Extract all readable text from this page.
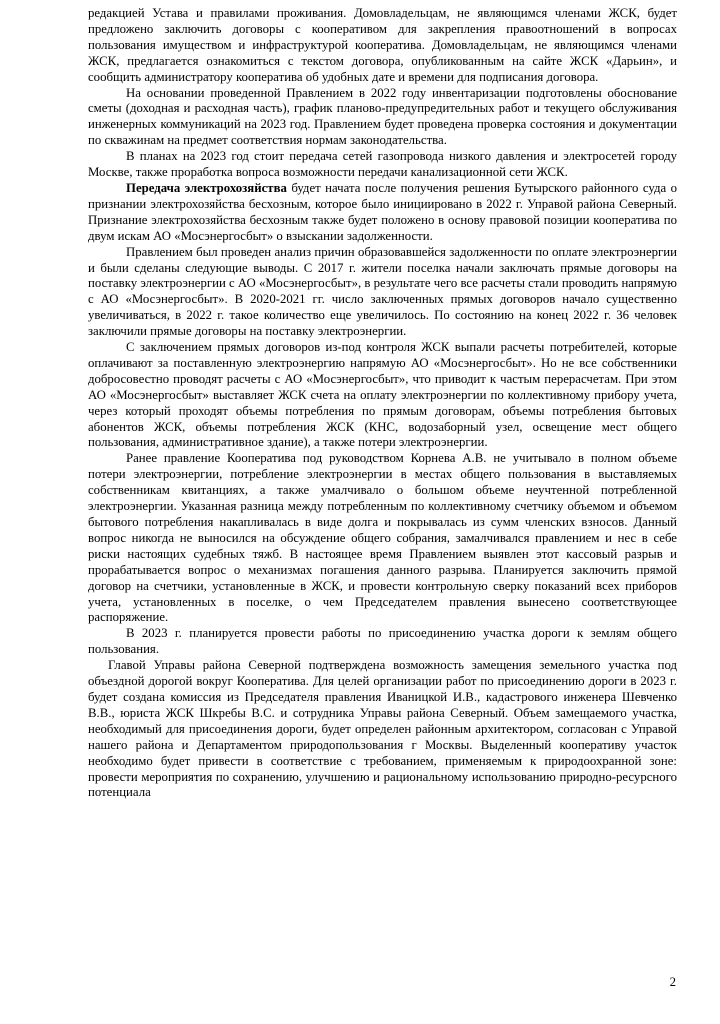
редакцией Устава и правилами проживания. Домовладельцам, не являющимся членами ЖСК, будет предложено заключить договоры с кооперативом для закрепления правоотношений в вопросах пользования имуществом и инфраструктурой кооператива. Домовладельцам, не являющимся членами ЖСК, предлагается ознакомиться с текстом договора, опубликованным на сайте ЖСК «Дарьин», и сообщить администратору кооператива об удобных дате и времени для подписания договора.

На основании проведенной Правлением в 2022 году инвентаризации подготовлены обоснование сметы (доходная и расходная часть), график планово-предупредительных работ и текущего обслуживания инженерных коммуникаций на 2023 год. Правлением будет проведена проверка состояния и документации по скважинам на предмет соответствия нормам законодательства.

В планах на 2023 год стоит передача сетей газопровода низкого давления и электросетей городу Москве, также проработка вопроса возможности передачи канализационной сети ЖСК.

Передача электрохозяйства будет начата после получения решения Бутырского районного суда о признании электрохозяйства бесхозным, которое было инициировано в 2022 г. Управой района Северный. Признание электрохозяйства бесхозным также будет положено в основу правовой позиции кооператива по двум искам АО «Мосэнергосбыт» о взыскании задолженности.

Правлением был проведен анализ причин образовавшейся задолженности по оплате электроэнергии и были сделаны следующие выводы. С 2017 г. жители поселка начали заключать прямые договоры на поставку электроэнергии с АО «Мосэнергосбыт», в результате чего все расчеты стали проводить напрямую с АО «Мосэнергосбыт». В 2020-2021 гг. число заключенных прямых договоров начало существенно увеличиваться, в 2022 г. такое количество еще увеличилось. По состоянию на конец 2022 г. 36 человек заключили прямые договоры на поставку электроэнергии.

С заключением прямых договоров из-под контроля ЖСК выпали расчеты потребителей, которые оплачивают за поставленную электроэнергию напрямую АО «Мосэнергосбыт». Но не все собственники добросовестно проводят расчеты с АО «Мосэнергосбыт», что приводит к частым перерасчетам. При этом АО «Мосэнергосбыт» выставляет ЖСК счета на оплату электроэнергии по коллективному прибору учета, через который проходят объемы потребления по прямым договорам, объемы потребления бытовых абонентов ЖСК, объемы потребления ЖСК (КНС, водозаборный узел, освещение мест общего пользования, административное здание), а также потери электроэнергии.

Ранее правление Кооператива под руководством Корнева А.В. не учитывало в полном объеме потери электроэнергии, потребление электроэнергии в местах общего пользования в выставляемых собственникам квитанциях, а также умалчивало о большом объеме неучтенной потребленной электроэнергии. Указанная разница между потребленным по коллективному счетчику объемом и объемом бытового потребления накапливалась в виде долга и покрывалась из сумм членских взносов. Данный вопрос никогда не выносился на обсуждение общего собрания, замалчивался правлением и нес в себе риски настоящих судебных тяжб. В настоящее время Правлением выявлен этот кассовый разрыв и прорабатывается вопрос о механизмах погашения данного разрыва. Планируется заключить прямой договор на счетчики, установленные в ЖСК, и провести контрольную сверку показаний всех приборов учета, установленных в поселке, о чем Председателем правления вынесено соответствующее распоряжение.

В 2023 г. планируется провести работы по присоединению участка дороги к землям общего пользования.

Главой Управы района Северной подтверждена возможность замещения земельного участка под объездной дорогой вокруг Кооператива. Для целей организации работ по присоединению дороги в 2023 г. будет создана комиссия из Председателя правления Иваницкой И.В., кадастрового инженера Шевченко В.В., юриста ЖСК Шкребы В.С. и сотрудника Управы района Северный. Объем замещаемого участка, необходимый для присоединения дороги, будет определен районным архитектором, согласован с Управой нашего района и Департаментом природопользования г Москвы. Выделенный кооперативу участок необходимо будет привести в соответствие с требованием, применяемым к природоохранной зоне: провести мероприятия по сохранению, улучшению и рациональному использованию природно-ресурсного потенциала

2
